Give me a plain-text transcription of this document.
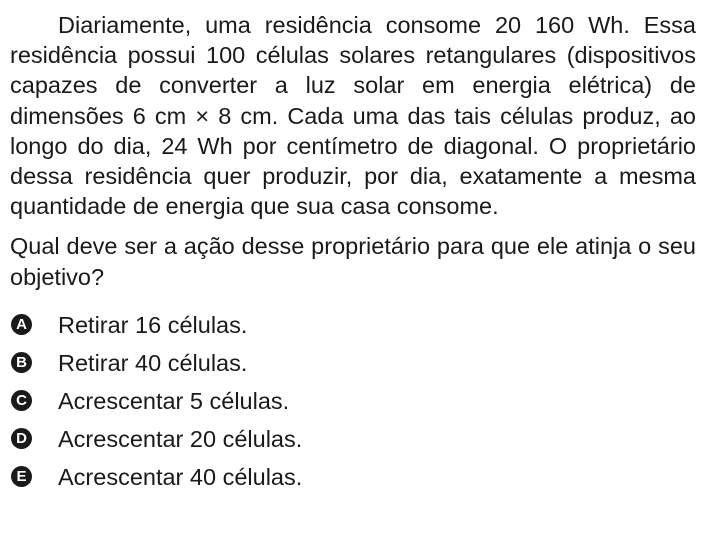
Diariamente, uma residência consome 20 160 Wh. Essa residência possui 100 células solares retangulares (dispositivos capazes de converter a luz solar em energia elétrica) de dimensões 6 cm × 8 cm. Cada uma das tais células produz, ao longo do dia, 24 Wh por centímetro de diagonal. O proprietário dessa residência quer produzir, por dia, exatamente a mesma quantidade de energia que sua casa consome.

Qual deve ser a ação desse proprietário para que ele atinja o seu objetivo?

A Retirar 16 células.
B Retirar 40 células.
C Acrescentar 5 células.
D Acrescentar 20 células.
E Acrescentar 40 células.
